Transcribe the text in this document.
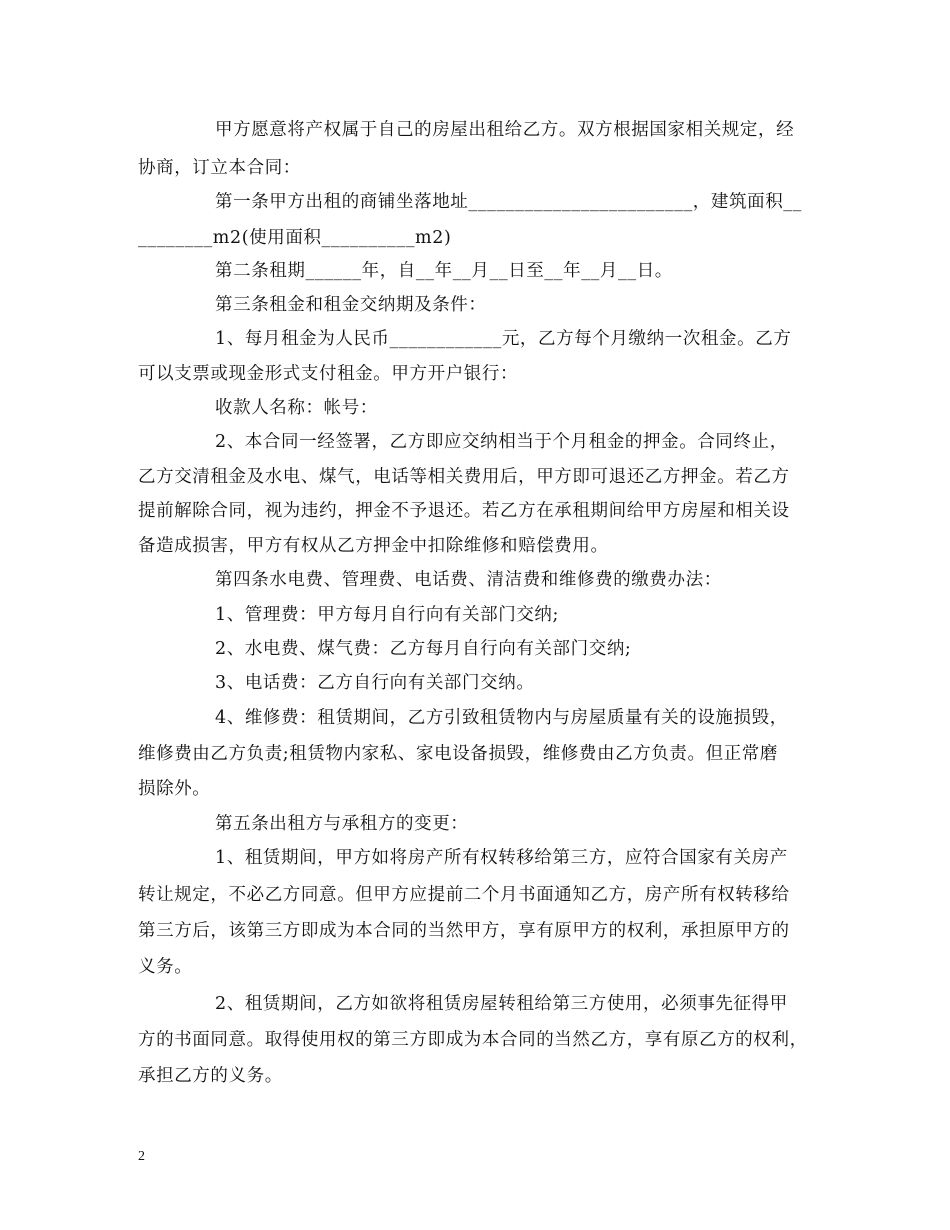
甲方愿意将产权属于自己的房屋出租给乙方。双方根据国家相关规定，经
协商，订立本合同：
第一条甲方出租的商铺坐落地址________________________，建筑面积__
________m2(使用面积__________m2)
第二条租期______年，自__年__月__日至__年__月__日。
第三条租金和租金交纳期及条件：
1、每月租金为人民币____________元，乙方每个月缴纳一次租金。乙方
可以支票或现金形式支付租金。甲方开户银行：
收款人名称：帐号：
2、本合同一经签署，乙方即应交纳相当于个月租金的押金。合同终止，
乙方交清租金及水电、煤气，电话等相关费用后，甲方即可退还乙方押金。若乙方
提前解除合同，视为违约，押金不予退还。若乙方在承租期间给甲方房屋和相关设
备造成损害，甲方有权从乙方押金中扣除维修和赔偿费用。
第四条水电费、管理费、电话费、清洁费和维修费的缴费办法：
1、管理费：甲方每月自行向有关部门交纳;
2、水电费、煤气费：乙方每月自行向有关部门交纳;
3、电话费：乙方自行向有关部门交纳。
4、维修费：租赁期间，乙方引致租赁物内与房屋质量有关的设施损毁，
维修费由乙方负责;租赁物内家私、家电设备损毁，维修费由乙方负责。但正常磨
损除外。
第五条出租方与承租方的变更：
1、租赁期间，甲方如将房产所有权转移给第三方，应符合国家有关房产
转让规定，不必乙方同意。但甲方应提前二个月书面通知乙方，房产所有权转移给
第三方后，该第三方即成为本合同的当然甲方，享有原甲方的权利，承担原甲方的
义务。
2、租赁期间，乙方如欲将租赁房屋转租给第三方使用，必须事先征得甲
方的书面同意。取得使用权的第三方即成为本合同的当然乙方，享有原乙方的权利，
承担乙方的义务。
2
